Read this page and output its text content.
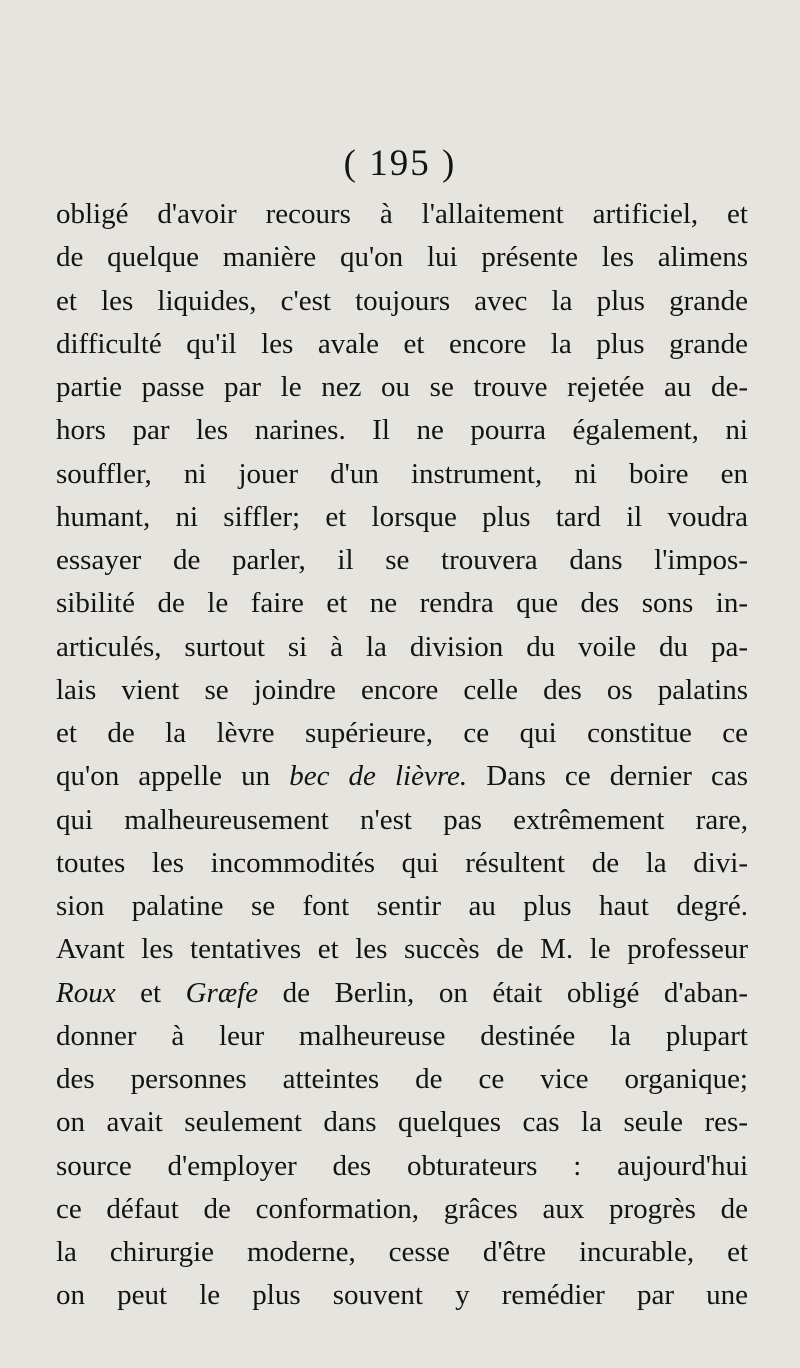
( 195 )
obligé d'avoir recours à l'allaitement artificiel, et
de quelque manière qu'on lui présente les alimens
et les liquides, c'est toujours avec la plus grande
difficulté qu'il les avale et encore la plus grande
partie passe par le nez ou se trouve rejetée au de-
hors par les narines. Il ne pourra également, ni
souffler, ni jouer d'un instrument, ni boire en
humant, ni siffler; et lorsque plus tard il voudra
essayer de parler, il se trouvera dans l'impos-
sibilité de le faire et ne rendra que des sons in-
articulés, surtout si à la division du voile du pa-
lais vient se joindre encore celle des os palatins
et de la lèvre supérieure, ce qui constitue ce
qu'on appelle un bec de lièvre. Dans ce dernier cas
qui malheureusement n'est pas extrêmement rare,
toutes les incommodités qui résultent de la divi-
sion palatine se font sentir au plus haut degré.
Avant les tentatives et les succès de M. le professeur
Roux et Græfe de Berlin, on était obligé d'aban-
donner à leur malheureuse destinée la plupart
des personnes atteintes de ce vice organique;
on avait seulement dans quelques cas la seule res-
source d'employer des obturateurs : aujourd'hui
ce défaut de conformation, grâces aux progrès de
la chirurgie moderne, cesse d'être incurable, et
on peut le plus souvent y remédier par une
